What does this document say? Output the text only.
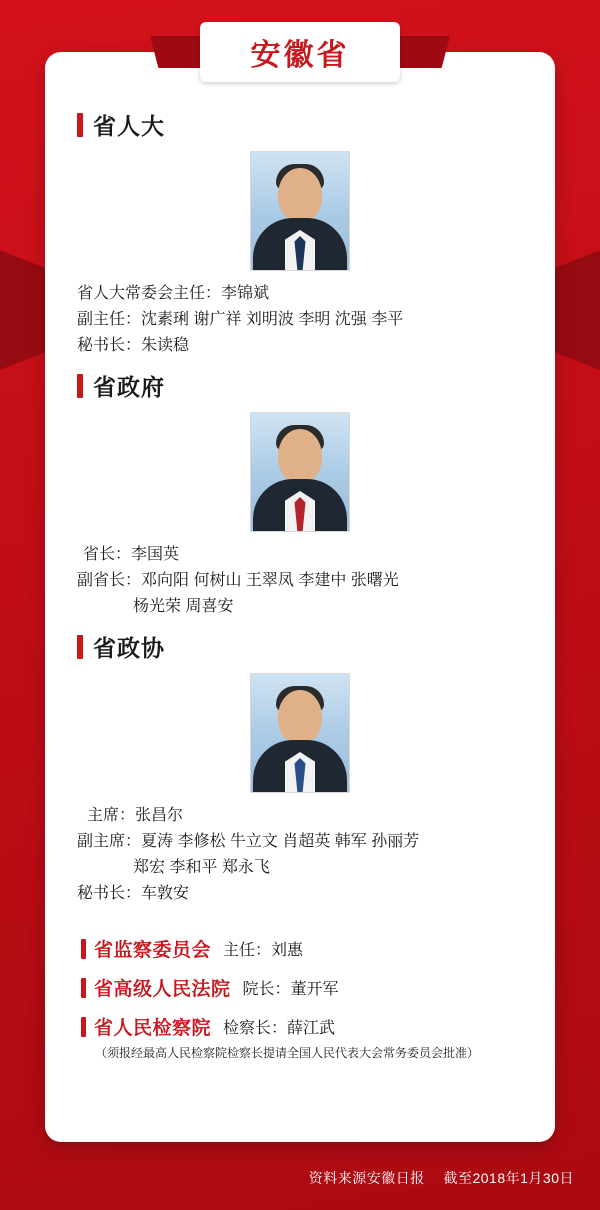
省人大
省人大常委会主任：李锦斌
副主任：沈素琍 谢广祥 刘明波 李明 沈强 李平
秘书长：朱读稳
省政府
省长：李国英
副省长：邓向阳 何树山 王翠凤 李建中 张曙光
杨光荣 周喜安
省政协
主席：张昌尔
副主席：夏涛 李修松 牛立文 肖超英 韩军 孙丽芳
郑宏 李和平 郑永飞
秘书长：车敦安
省监察委员会 主任：刘惠
省高级人民法院 院长：董开军
省人民检察院 检察长：薛江武
（须报经最高人民检察院检察长提请全国人民代表大会常务委员会批准）
安徽省
资料来源安徽日报 截至2018年1月30日
